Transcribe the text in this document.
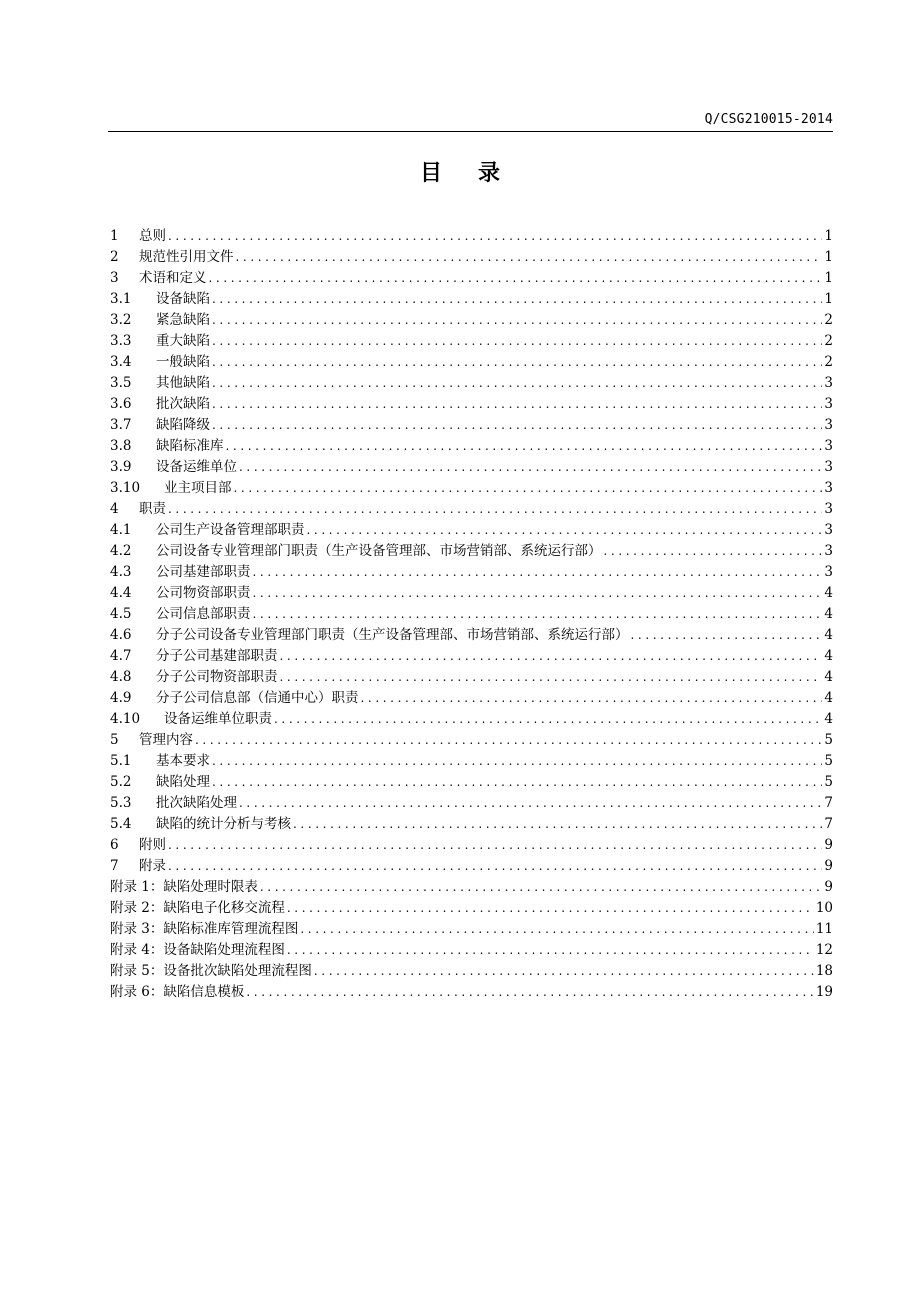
Q/CSG210015-2014
目 录
1	总则 .....	1
2	规范性引用文件 .....	1
3	术语和定义 .....	1
3.1	设备缺陷 .....	1
3.2	紧急缺陷 .....	2
3.3	重大缺陷 .....	2
3.4	一般缺陷 .....	2
3.5	其他缺陷 .....	3
3.6	批次缺陷 .....	3
3.7	缺陷降级 .....	3
3.8	缺陷标准库 .....	3
3.9	设备运维单位 .....	3
3.10	业主项目部 .....	3
4	职责 .....	3
4.1	公司生产设备管理部职责 .....	3
4.2	公司设备专业管理部门职责（生产设备管理部、市场营销部、系统运行部） .....	3
4.3	公司基建部职责 .....	3
4.4	公司物资部职责 .....	4
4.5	公司信息部职责 .....	4
4.6	分子公司设备专业管理部门职责（生产设备管理部、市场营销部、系统运行部） .....	4
4.7	分子公司基建部职责 .....	4
4.8	分子公司物资部职责 .....	4
4.9	分子公司信息部（信通中心）职责 .....	4
4.10	设备运维单位职责 .....	4
5	管理内容 .....	5
5.1	基本要求 .....	5
5.2	缺陷处理 .....	5
5.3	批次缺陷处理 .....	7
5.4	缺陷的统计分析与考核 .....	7
6	附则 .....	9
7	附录 .....	9
附录 1： 缺陷处理时限表 .....	9
附录 2： 缺陷电子化移交流程 .....	10
附录 3： 缺陷标准库管理流程图 .....	11
附录 4： 设备缺陷处理流程图 .....	12
附录 5： 设备批次缺陷处理流程图 .....	18
附录 6： 缺陷信息模板 .....	19
